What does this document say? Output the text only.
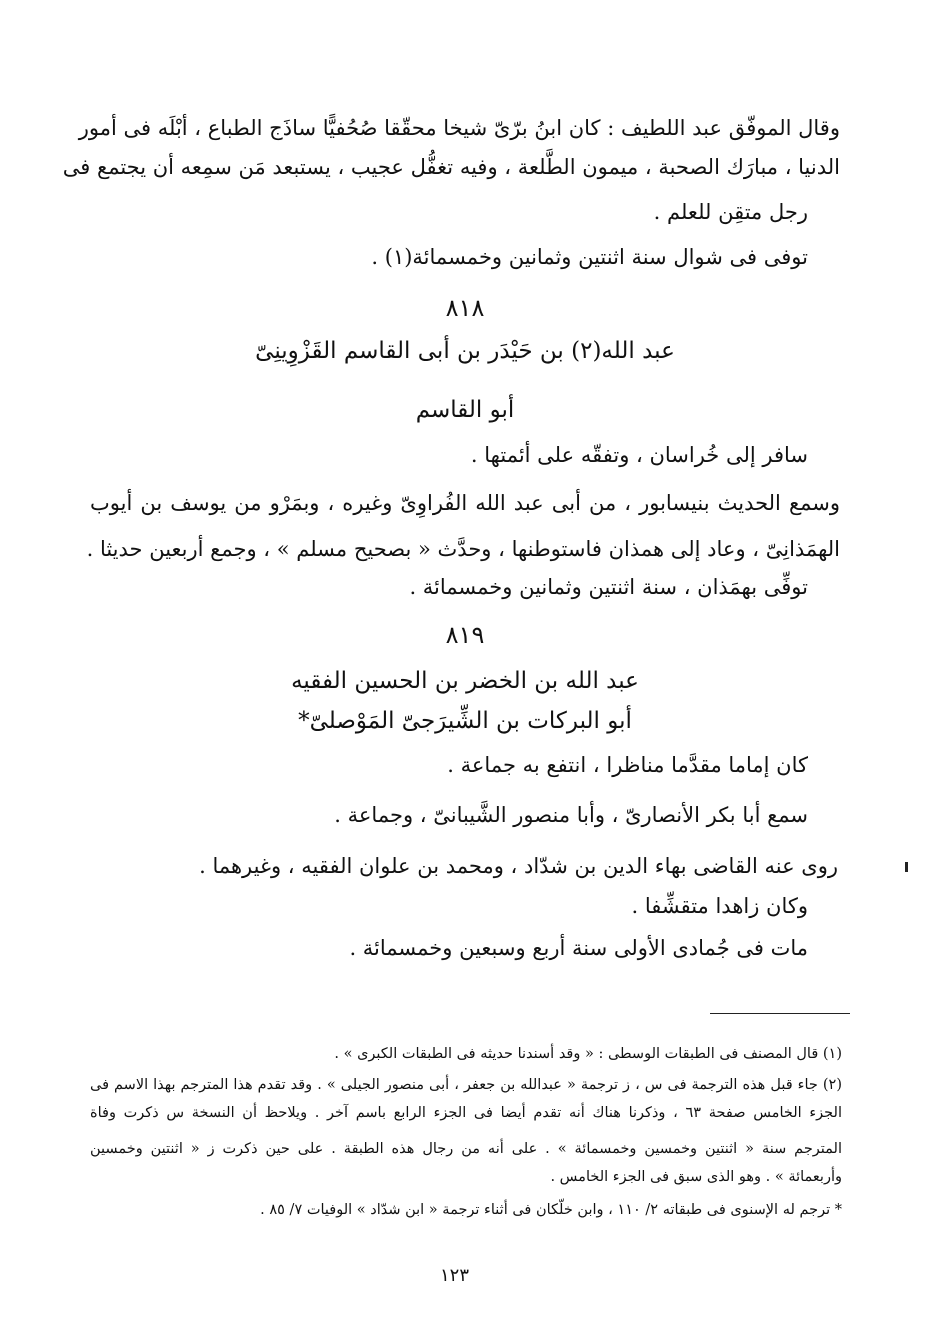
وقال الموفّق عبد اللطيف : كان ابنُ برّىّ شيخا محقّقا صُحُفيًّا ساذَج الطباع ، أبْلَه فى أمور
الدنيا ، مبارَك الصحبة ، ميمون الطَّلعة ، وفيه تغفُّل عجيب ، يستبعد مَن سمِعه أن يجتمع فى
رجل متقِن للعلم .
توفى فى شوال سنة اثنتين وثمانين وخمسمائة(١) .
٨١٨
عبد الله(٢) بن حَيْدَر بن أبى القاسم القَزْوِينِىّ
أبو القاسم
سافر إلى خُراسان ، وتفقّه على أئمتها .
وسمع الحديث بنيسابور ، من أبى عبد الله الفُراوِىّ وغيره ، وبمَرْو من يوسف بن أيوب
الهمَذانِىّ ، وعاد إلى همذان فاستوطنها ، وحدَّث « بصحيح مسلم » ، وجمع أربعين حديثا .
توفِّى بهمَذان ، سنة اثنتين وثمانين وخمسمائة .
٨١٩
عبد الله بن الخضر بن الحسين الفقيه
أبو البركات بن الشِّيرَجىّ المَوْصلىّ*
كان إماما مقدَّما مناظرا ، انتفع به جماعة .
سمع أبا بكر الأنصارىّ ، وأبا منصور الشَّيبانىّ ، وجماعة .
روى عنه القاضى بهاء الدين بن شدّاد ، ومحمد بن علوان الفقيه ، وغيرهما .
وكان زاهدا متقشِّفا .
مات فى جُمادى الأولى سنة أربع وسبعين وخمسمائة .
(١) قال المصنف فى الطبقات الوسطى : « وقد أسندنا حديثه فى الطبقات الكبرى » .
(٢) جاء قبل هذه الترجمة فى س ، ز ترجمة « عبدالله بن جعفر ، أبى منصور الجيلى » . وقد تقدم هذا المترجم بهذا الاسم فى
الجزء الخامس صفحة ٦٣ ، وذكرنا هناك أنه تقدم أيضا فى الجزء الرابع باسم آخر . ويلاحظ أن النسخة س ذكرت وفاة
المترجم سنة « اثنتين وخمسين وخمسمائة » . على أنه من رجال هذه الطبقة . على حين ذكرت ز « اثنتين وخمسين
وأربعمائة » . وهو الذى سبق فى الجزء الخامس .
* ترجم له الإسنوى فى طبقاته ٢/ ١١٠ ، وابن خلّكان فى أثناء ترجمة « ابن شدّاد » الوفيات ٧/ ٨٥ .
١٢٣
